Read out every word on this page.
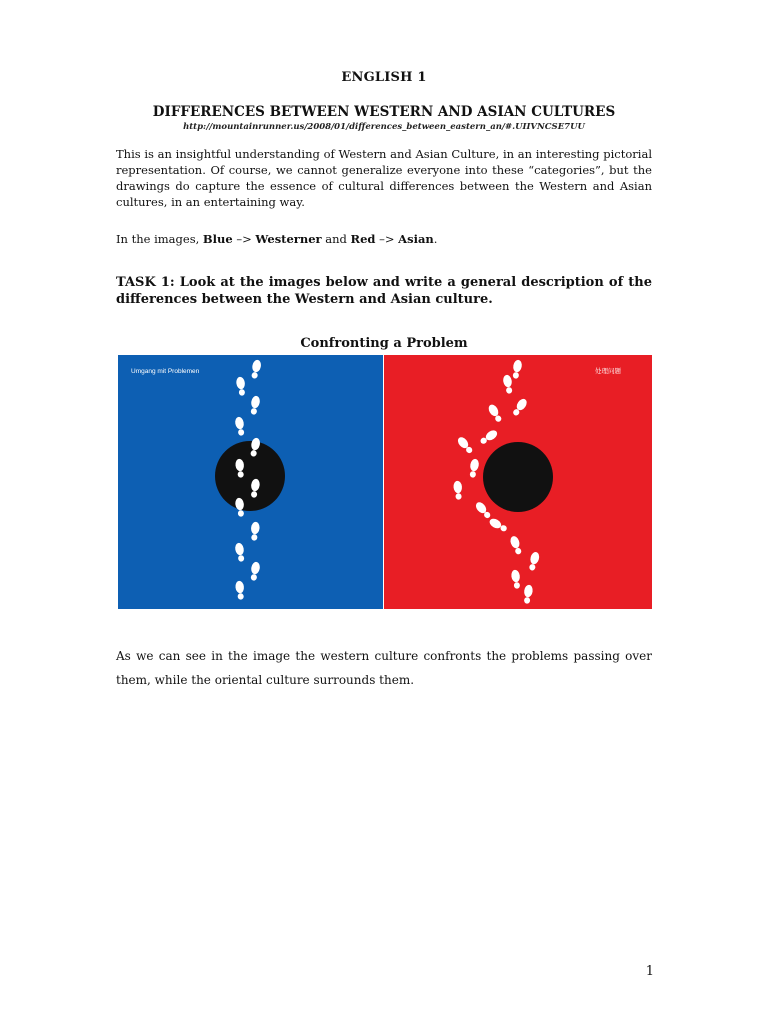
ENGLISH 1
DIFFERENCES BETWEEN WESTERN AND ASIAN CULTURES
http://mountainrunner.us/2008/01/differences_between_eastern_an/#.UIIVNCSE7UU
This is an insightful understanding of Western and Asian Culture, in an interesting pictorial representation. Of course, we cannot generalize everyone into these “categories”, but the drawings do capture the essence of cultural differences between the Western and Asian cultures, in an entertaining way.
In the images, Blue –> Westerner and Red –> Asian.
TASK 1: Look at the images below and write a general description of the differences between the Western and Asian culture.
Confronting a Problem
Umgang mit Problemen	处理问题
As we can see in the image the western culture confronts the problems passing over them, while the oriental culture surrounds them.
1
